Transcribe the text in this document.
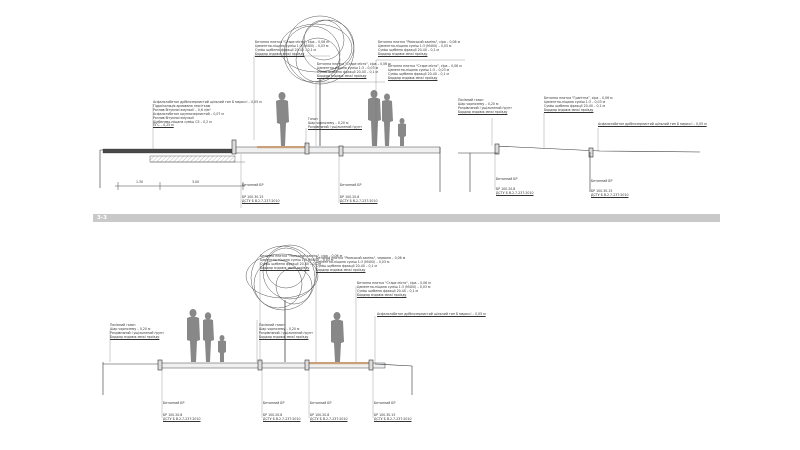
Бетонна плитка "Старе місто", сіра – 0,06 м
Цементно-піщана суміш 1:3 (М400) – 0,03 м
Суміш щебеню фракції 20-40 – 0,1 м
Бордюр вздовж межі проїзду
Бетонна плитка "Римський камінь", сіра – 0,06 м
Цементно-піщана суміш 1:3 (М400) – 0,03 м
Суміш щебеню фракції 20-40 – 0,1 м
Бордюр вздовж межі проїзду
Бетонна плитка "Старе місто", сіра – 0,06 м
Цементно-піщана суміш 1:3 – 0,03 м
Суміш щебеню фракції 20-40 – 0,1 м
Бордюр вздовж межі проїзду
Бетонна плитка "Старе місто", сіра – 0,06 м
Цементно-піщана суміш 1:3 – 0,03 м
Суміш щебеню фракції 20-40 – 0,1 м
Бордюр вздовж межі проїзду
Асфальтобетон дрібнозернистий щільний тип Б марки I – 0,05 м
Гідроізоляція армована геосіткою
Розлив бітумної емульсії – 0,6 л/м²
Асфальтобетон крупнозернистий – 0,07 м
Розлив бітумної емульсії
Щебенево-піщана суміш С5 – 0,2 м
ПГС – 0,25 м
Газон
Шар чорнозему – 0,20 м
Розрівняний і ущільнений ґрунт
Посівний газон
Шар чорнозему – 0,20 м
Розрівняний і ущільнений ґрунт
Бордюр вздовж межі проїзду
Бетонна плитка "Гранітна", сіра – 0,06 м
Цементно-піщана суміш 1:3 – 0,03 м
Суміш щебеню фракції 20-40 – 0,1 м
Бордюр вздовж межі проїзду
Асфальтобетон дрібнозернистий щільний тип Б марки I – 0,05 м
1.30	3.00
Бетонний БР
БР 100.30.15
ДСТУ Б В.2.7-237:2010
Бетонний БР
БР 100.20.8
ДСТУ Б В.2.7-237:2010
Бетонний БР
БР 100.20.8
ДСТУ Б В.2.7-237:2010
Бетонний БР
БР 100.30.15
ДСТУ Б В.2.7-237:2010
3-3
Бетонна плитка "Римський камінь", сіра – 0,06 м
Цементно-піщана суміш 1:3 (М400) – 0,03 м
Суміш щебеню фракції 20-40 – 0,1 м
Бордюр вздовж межі проїзду
Бетонна плитка "Римський камінь", червона – 0,06 м
Цементно-піщана суміш 1:3 (М400) – 0,03 м
Суміш щебеню фракції 20-40 – 0,1 м
Бордюр вздовж межі проїзду
Бетонна плитка "Старе місто", сіра – 0,06 м
Цементно-піщана суміш 1:3 (М400) – 0,03 м
Суміш щебеню фракції 20-40 – 0,1 м
Бордюр вздовж межі проїзду
Посівний газон
Шар чорнозему – 0,20 м
Розрівняний і ущільнений ґрунт
Бордюр вздовж межі проїзду
Посівний газон
Шар чорнозему – 0,20 м
Розрівняний і ущільнений ґрунт
Бордюр вздовж межі проїзду
Асфальтобетон дрібнозернистий щільний тип Б марки I – 0,05 м
Бетонний БР
БР 100.20.8
ДСТУ Б В.2.7-237:2010
Бетонний БР
БР 100.20.8
ДСТУ Б В.2.7-237:2010
Бетонний БР
БР 100.20.8
ДСТУ Б В.2.7-237:2010
Бетонний БР
БР 100.30.15
ДСТУ Б В.2.7-237:2010
